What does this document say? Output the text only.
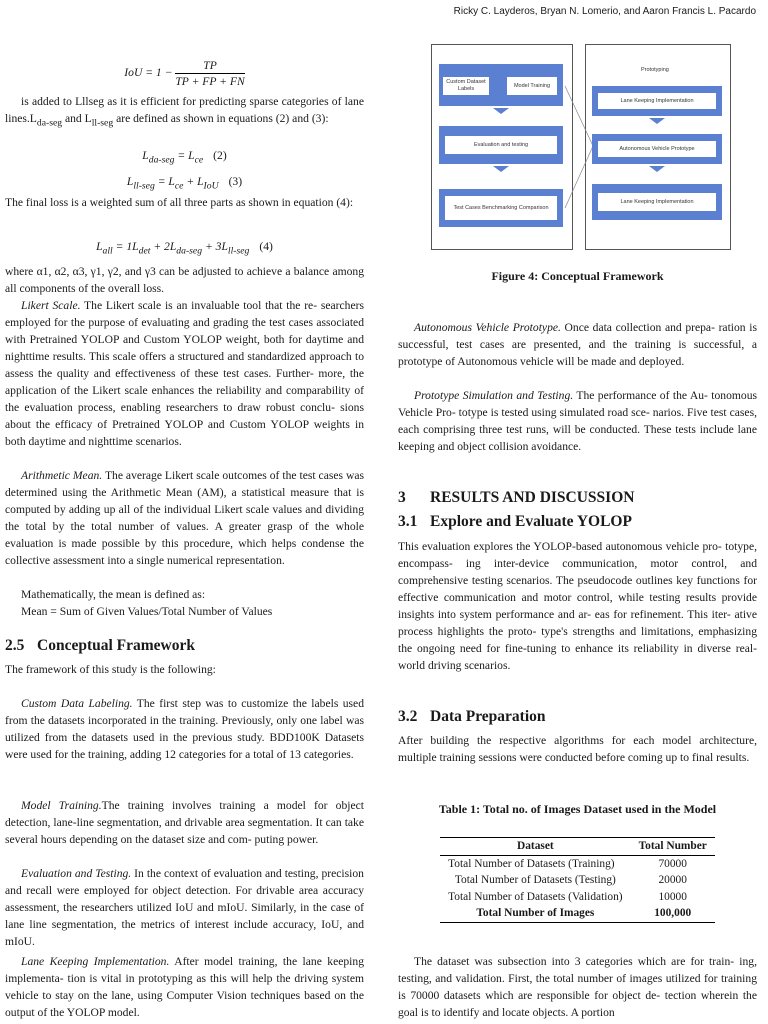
Ricky C. Layderos, Bryan N. Lomerio, and Aaron Francis L. Pacardo
IoU = $1 - \frac{TP}{TP + FP + FN}$

is added to Lllseg as it is efficient for predicting sparse categories of lane $lines.L_{da-seg}$ and $L_{ll-seg}$ are defined as shown in equations (2) and (3):

$L_{da-seg} = L_{ce}$ (2)
$L_{ll-seg} = L_{ce} + L_{IoU}$ (3)

The final loss is a weighted sum of all three parts as shown in equation (4):

$L_{all} = 1L_{det} + 2L_{da-seg} + 3L_{ll-seg}$ (4)

where α1, α2, α3, γ1, γ2, and γ3 can be adjusted to achieve a balance among all components of the overall loss.

Likert Scale. The Likert scale is an invaluable tool that the re- searchers employed for the purpose of evaluating and grading the test cases associated with Pretrained YOLOP and Custom YOLOP weight, both for daytime and nighttime results. This scale offers a structured and standardized approach to assess the quality and effectiveness of these test cases. Further- more, the application of the Likert scale enhances the reliability and comparability of the evaluation process, enabling researchers to draw robust conclu- sions about the efficacy of Pretrained YOLOP and Custom YOLOP weights in both daytime and nighttime scenarios.

Arithmetic Mean. The average Likert scale outcomes of the test cases was determined using the Arithmetic Mean (AM), a statistical measure that is computed by adding up all of the individual Likert scale values and dividing the total by the total number of values. A greater grasp of the whole evaluation is made possible by this procedure, which helps condense the collective assessment into a single numerical representation.

Mathematically, the mean is defined as:

Mean = Sum of Given Values/Total Number of Values

2.5 Conceptual Framework

The framework of this study is the following:

Custom Data Labeling. The first step was to customize the labels used from the datasets incorporated in the training. Previously, only one label was utilized from the datasets used in the previous study. BDD100K Datasets were used for the training, adding 12 categories for a total of 13 categories.

Model Training.The training involves training a model for object detection, lane-line segmentation, and drivable area segmentation. It can take several hours depending on the dataset size and com- puting power.

Evaluation and Testing. In the context of evaluation and testing, precision and recall were employed for object detection. For drivable area accuracy assessment, the researchers utilized IoU and mIoU. Similarly, in the case of lane line segmentation, the metrics of interest include accuracy, IoU, and mIoU.

Lane Keeping Implementation. After model training, the lane keeping implementa- tion is vital in prototyping as this will help the driving system vehicle to stay on the lane, using Computer Vision techniques based on the output of the YOLOP model.

Custom Dataset Labels
Model Training
Evaluation and testing
Test Cases Benchmarking Comparison
Prototyping
Lane Keeping Implementation
Autonomous Vehicle Prototype
Lane Keeping Implementation
Figure 4: Conceptual Framework

Autonomous Vehicle Prototype. Once data collection and prepa- ration is successful, test cases are presented, and the training is successful, a prototype of Autonomous vehicle will be made and deployed.

Prototype Simulation and Testing. The performance of the Au- tonomous Vehicle Pro- totype is tested using simulated road sce- narios. Five test cases, each comprising three test runs, will be conducted. These tests include lane keeping and object collision avoidance.

3 RESULTS AND DISCUSSION
3.1 Explore and Evaluate YOLOP

This evaluation explores the YOLOP-based autonomous vehicle pro- totype, encompass- ing inter-device communication, motor control, and comprehensive testing scenarios. The pseudocode outlines key functions for effective communication and motor control, while testing results provide insights into system performance and ar- eas for refinement. This iter- ative process highlights the proto- type's strengths and limitations, emphasizing the ongoing need for fine-tuning to enhance its reliability in diverse real-world driving scenarios.

3.2 Data Preparation

After building the respective algorithms for each model architecture, multiple training sessions were conducted before coming up to final results.

Table 1: Total no. of Images Dataset used in the Model
Dataset	Total Number
Total Number of Datasets (Training)	70000
Total Number of Datasets (Testing)	20000
Total Number of Datasets (Validation)	10000
Total Number of Images	100,000

The dataset was subsection into 3 categories which are for train- ing, testing, and validation. First, the total number of images utilized for training is 70000 datasets which are responsible for object de- tection wherein the goal is to identify and locate objects. A portion
